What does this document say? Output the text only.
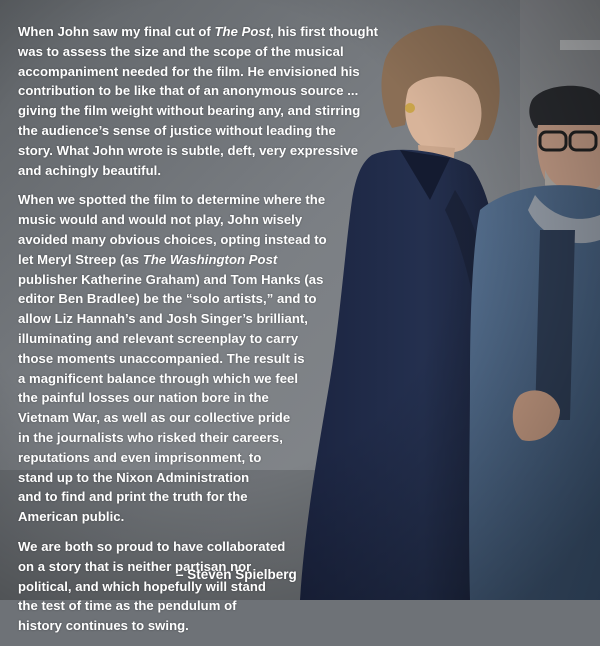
When John saw my final cut of The Post, his first thought
was to assess the size and the scope of the musical
accompaniment needed for the film. He envisioned his
contribution to be like that of an anonymous source ...
giving the film weight without bearing any, and stirring
the audience’s sense of justice without leading the
story. What John wrote is subtle, deft, very expressive
and achingly beautiful.
When we spotted the film to determine where the
music would and would not play, John wisely
avoided many obvious choices, opting instead to
let Meryl Streep (as The Washington Post
publisher Katherine Graham) and Tom Hanks (as
editor Ben Bradlee) be the “solo artists,” and to
allow Liz Hannah’s and Josh Singer’s brilliant,
illuminating and relevant screenplay to carry
those moments unaccompanied. The result is
a magnificent balance through which we feel
the painful losses our nation bore in the
Vietnam War, as well as our collective pride
in the journalists who risked their careers,
reputations and even imprisonment, to
stand up to the Nixon Administration
and to find and print the truth for the
American public.
We are both so proud to have collaborated
on a story that is neither partisan nor
political, and which hopefully will stand
the test of time as the pendulum of
history continues to swing.
– Steven Spielberg
